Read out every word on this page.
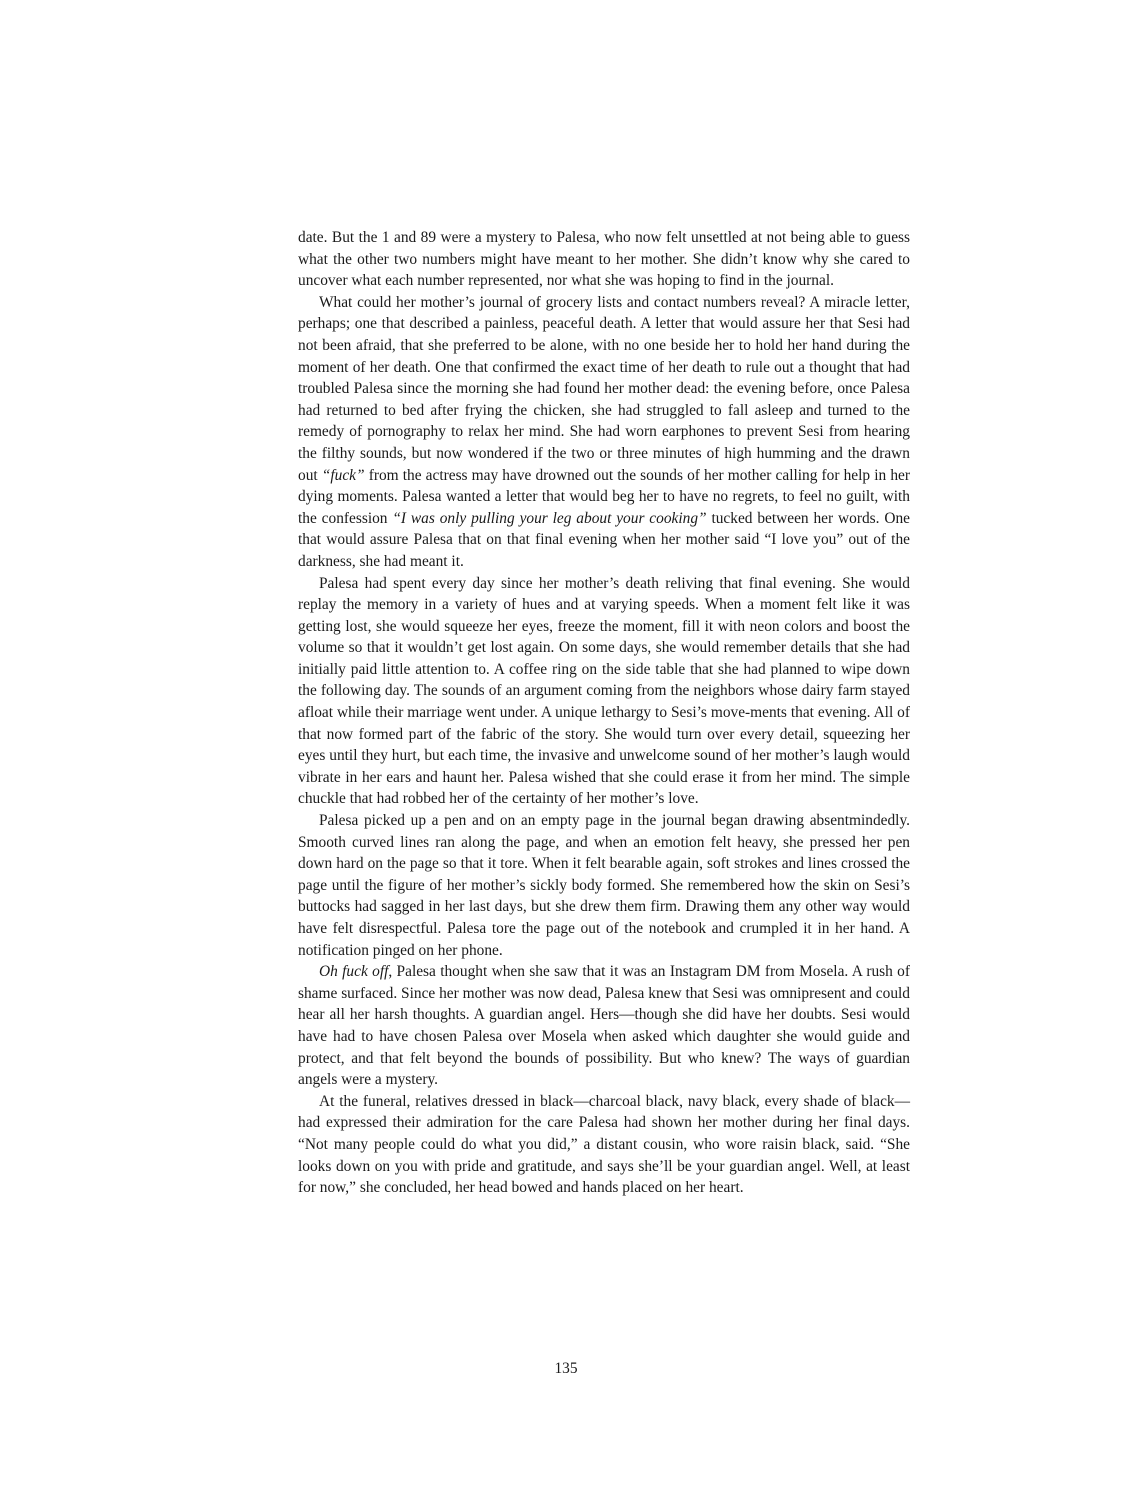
date. But the 1 and 89 were a mystery to Palesa, who now felt unsettled at not being able to guess what the other two numbers might have meant to her mother. She didn’t know why she cared to uncover what each number represented, nor what she was hoping to find in the journal.

What could her mother’s journal of grocery lists and contact numbers reveal? A miracle letter, perhaps; one that described a painless, peaceful death. A letter that would assure her that Sesi had not been afraid, that she preferred to be alone, with no one beside her to hold her hand during the moment of her death. One that confirmed the exact time of her death to rule out a thought that had troubled Palesa since the morning she had found her mother dead: the evening before, once Palesa had returned to bed after frying the chicken, she had struggled to fall asleep and turned to the remedy of pornography to relax her mind. She had worn earphones to prevent Sesi from hearing the filthy sounds, but now wondered if the two or three minutes of high humming and the drawn out “fuck” from the actress may have drowned out the sounds of her mother calling for help in her dying moments. Palesa wanted a letter that would beg her to have no regrets, to feel no guilt, with the confession “I was only pulling your leg about your cooking” tucked between her words. One that would assure Palesa that on that final evening when her mother said “I love you” out of the darkness, she had meant it.

Palesa had spent every day since her mother’s death reliving that final evening. She would replay the memory in a variety of hues and at varying speeds. When a moment felt like it was getting lost, she would squeeze her eyes, freeze the moment, fill it with neon colors and boost the volume so that it wouldn’t get lost again. On some days, she would remember details that she had initially paid little attention to. A coffee ring on the side table that she had planned to wipe down the following day. The sounds of an argument coming from the neighbors whose dairy farm stayed afloat while their marriage went under. A unique lethargy to Sesi’s move-ments that evening. All of that now formed part of the fabric of the story. She would turn over every detail, squeezing her eyes until they hurt, but each time, the invasive and unwelcome sound of her mother’s laugh would vibrate in her ears and haunt her. Palesa wished that she could erase it from her mind. The simple chuckle that had robbed her of the certainty of her mother’s love.

Palesa picked up a pen and on an empty page in the journal began drawing absentmindedly. Smooth curved lines ran along the page, and when an emotion felt heavy, she pressed her pen down hard on the page so that it tore. When it felt bearable again, soft strokes and lines crossed the page until the figure of her mother’s sickly body formed. She remembered how the skin on Sesi’s buttocks had sagged in her last days, but she drew them firm. Drawing them any other way would have felt disrespectful. Palesa tore the page out of the notebook and crumpled it in her hand. A notification pinged on her phone.

Oh fuck off, Palesa thought when she saw that it was an Instagram DM from Mosela. A rush of shame surfaced. Since her mother was now dead, Palesa knew that Sesi was omnipresent and could hear all her harsh thoughts. A guardian angel. Hers—though she did have her doubts. Sesi would have had to have chosen Palesa over Mosela when asked which daughter she would guide and protect, and that felt beyond the bounds of possibility. But who knew? The ways of guardian angels were a mystery.

At the funeral, relatives dressed in black—charcoal black, navy black, every shade of black—had expressed their admiration for the care Palesa had shown her mother during her final days. “Not many people could do what you did,” a distant cousin, who wore raisin black, said. “She looks down on you with pride and gratitude, and says she’ll be your guardian angel. Well, at least for now,” she concluded, her head bowed and hands placed on her heart.

135
